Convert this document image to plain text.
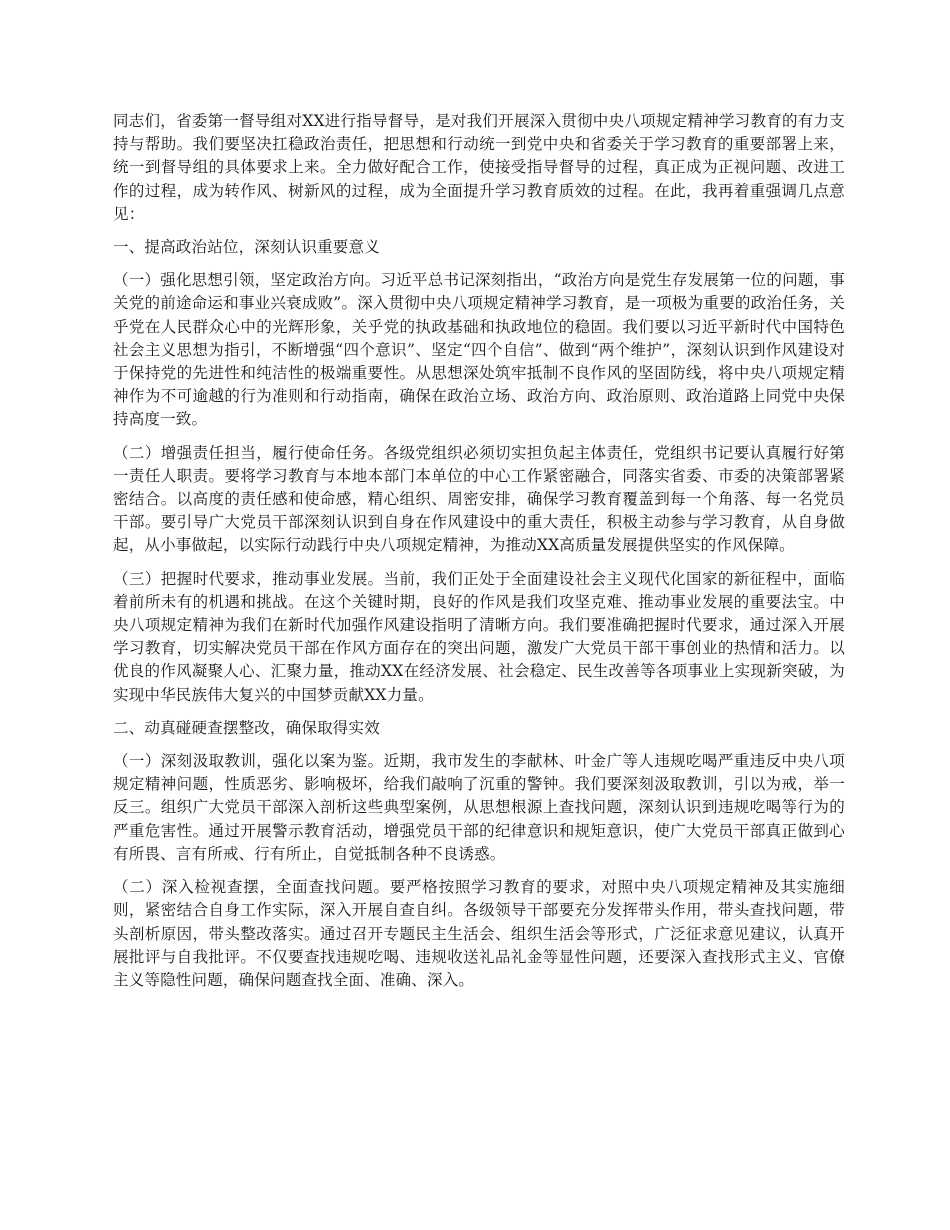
同志们，省委第一督导组对XX进行指导督导，是对我们开展深入贯彻中央八项规定精神学习教育的有力支持与帮助。我们要坚决扛稳政治责任，把思想和行动统一到党中央和省委关于学习教育的重要部署上来，统一到督导组的具体要求上来。全力做好配合工作，使接受指导督导的过程，真正成为正视问题、改进工作的过程，成为转作风、树新风的过程，成为全面提升学习教育质效的过程。在此，我再着重强调几点意见：

一、提高政治站位，深刻认识重要意义

（一）强化思想引领，坚定政治方向。习近平总书记深刻指出，“政治方向是党生存发展第一位的问题，事关党的前途命运和事业兴衰成败”。深入贯彻中央八项规定精神学习教育，是一项极为重要的政治任务，关乎党在人民群众心中的光辉形象，关乎党的执政基础和执政地位的稳固。我们要以习近平新时代中国特色社会主义思想为指引，不断增强“四个意识”、坚定“四个自信”、做到“两个维护”，深刻认识到作风建设对于保持党的先进性和纯洁性的极端重要性。从思想深处筑牢抵制不良作风的坚固防线，将中央八项规定精神作为不可逾越的行为准则和行动指南，确保在政治立场、政治方向、政治原则、政治道路上同党中央保持高度一致。

（二）增强责任担当，履行使命任务。各级党组织必须切实担负起主体责任，党组织书记要认真履行好第一责任人职责。要将学习教育与本地本部门本单位的中心工作紧密融合，同落实省委、市委的决策部署紧密结合。以高度的责任感和使命感，精心组织、周密安排，确保学习教育覆盖到每一个角落、每一名党员干部。要引导广大党员干部深刻认识到自身在作风建设中的重大责任，积极主动参与学习教育，从自身做起，从小事做起，以实际行动践行中央八项规定精神，为推动XX高质量发展提供坚实的作风保障。

（三）把握时代要求，推动事业发展。当前，我们正处于全面建设社会主义现代化国家的新征程中，面临着前所未有的机遇和挑战。在这个关键时期，良好的作风是我们攻坚克难、推动事业发展的重要法宝。中央八项规定精神为我们在新时代加强作风建设指明了清晰方向。我们要准确把握时代要求，通过深入开展学习教育，切实解决党员干部在作风方面存在的突出问题，激发广大党员干部干事创业的热情和活力。以优良的作风凝聚人心、汇聚力量，推动XX在经济发展、社会稳定、民生改善等各项事业上实现新突破，为实现中华民族伟大复兴的中国梦贡献XX力量。

二、动真碰硬查摆整改，确保取得实效

（一）深刻汲取教训，强化以案为鉴。近期，我市发生的李献林、叶金广等人违规吃喝严重违反中央八项规定精神问题，性质恶劣、影响极坏，给我们敲响了沉重的警钟。我们要深刻汲取教训，引以为戒，举一反三。组织广大党员干部深入剖析这些典型案例，从思想根源上查找问题，深刻认识到违规吃喝等行为的严重危害性。通过开展警示教育活动，增强党员干部的纪律意识和规矩意识，使广大党员干部真正做到心有所畏、言有所戒、行有所止，自觉抵制各种不良诱惑。

（二）深入检视查摆，全面查找问题。要严格按照学习教育的要求，对照中央八项规定精神及其实施细则，紧密结合自身工作实际，深入开展自查自纠。各级领导干部要充分发挥带头作用，带头查找问题，带头剖析原因，带头整改落实。通过召开专题民主生活会、组织生活会等形式，广泛征求意见建议，认真开展批评与自我批评。不仅要查找违规吃喝、违规收送礼品礼金等显性问题，还要深入查找形式主义、官僚主义等隐性问题，确保问题查找全面、准确、深入。
